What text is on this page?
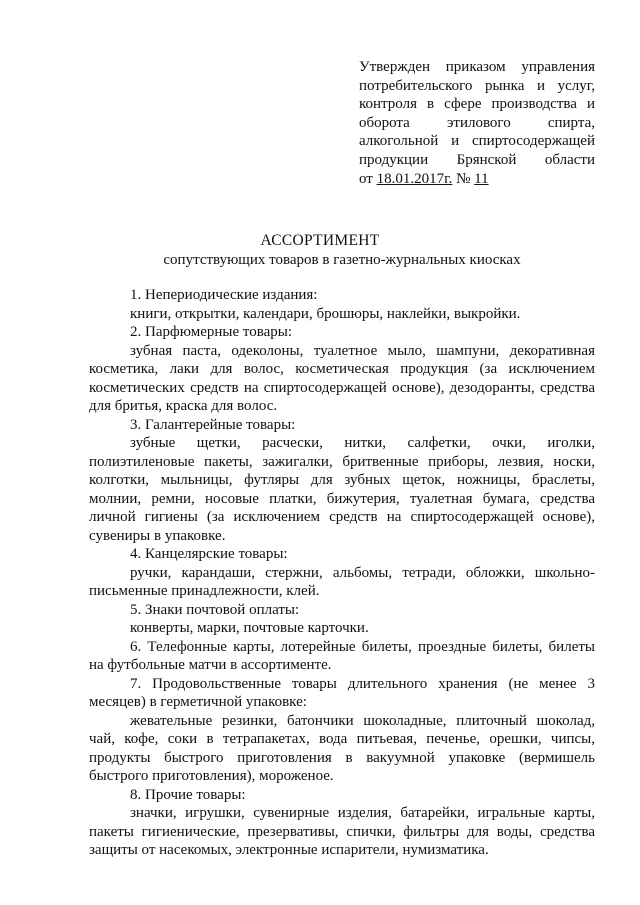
Утвержден приказом управления
потребительского рынка и услуг,
контроля в сфере производства и
оборота этилового спирта,
алкогольной и спиртосодержащей
продукции Брянской области
от 18.01.2017г. № 11
АССОРТИМЕНТ
сопутствующих товаров в газетно-журнальных киосках

1. Непериодические издания:

книги, открытки, календари, брошюры, наклейки, выкройки.

2. Парфюмерные товары:

зубная паста, одеколоны, туалетное мыло, шампуни, декоративная косметика, лаки для волос, косметическая продукция (за исключением косметических средств на спиртосодержащей основе), дезодоранты, средства для бритья, краска для волос.

3. Галантерейные товары:

зубные щетки, расчески, нитки, салфетки, очки, иголки, полиэтиленовые пакеты, зажигалки, бритвенные приборы, лезвия, носки, колготки, мыльницы, футляры для зубных щеток, ножницы, браслеты, молнии, ремни, носовые платки, бижутерия, туалетная бумага, средства личной гигиены (за исключением средств на спиртосодержащей основе), сувениры в упаковке.

4. Канцелярские товары:

ручки, карандаши, стержни, альбомы, тетради, обложки, школьно-письменные принадлежности, клей.

5. Знаки почтовой оплаты:

конверты, марки, почтовые карточки.

6. Телефонные карты, лотерейные билеты, проездные билеты, билеты на футбольные матчи в ассортименте.

7. Продовольственные товары длительного хранения (не менее 3 месяцев) в герметичной упаковке:

жевательные резинки, батончики шоколадные, плиточный шоколад, чай, кофе, соки в тетрапакетах, вода питьевая, печенье, орешки, чипсы, продукты быстрого приготовления в вакуумной упаковке (вермишель быстрого приготовления), мороженое.

8. Прочие товары:

значки, игрушки, сувенирные изделия, батарейки, игральные карты, пакеты гигиенические, презервативы, спички, фильтры для воды, средства защиты от насекомых, электронные испарители, нумизматика.
